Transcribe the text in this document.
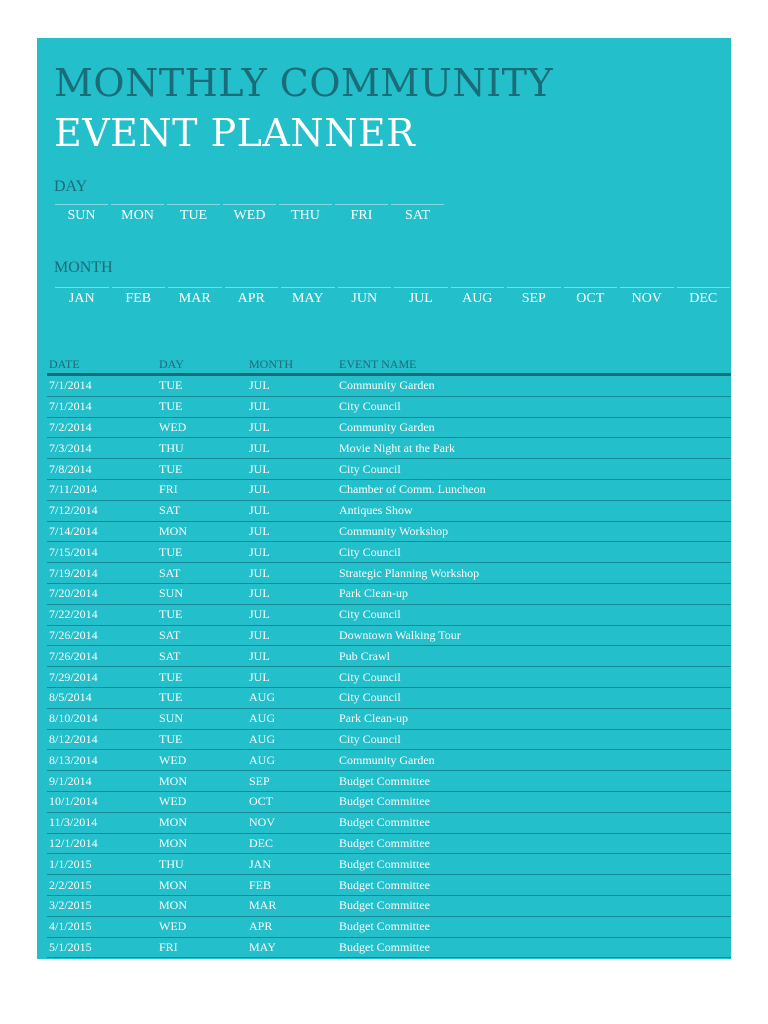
MONTHLY COMMUNITY
EVENT PLANNER
DAY
SUN	MON	TUE	WED	THU	FRI	SAT
MONTH
JAN	FEB	MAR	APR	MAY	JUN	JUL	AUG	SEP	OCT	NOV	DEC
DATE	DAY	MONTH	EVENT NAME
7/1/2014	TUE	JUL	Community Garden
7/1/2014	TUE	JUL	City Council
7/2/2014	WED	JUL	Community Garden
7/3/2014	THU	JUL	Movie Night at the Park
7/8/2014	TUE	JUL	City Council
7/11/2014	FRI	JUL	Chamber of Comm. Luncheon
7/12/2014	SAT	JUL	Antiques Show
7/14/2014	MON	JUL	Community Workshop
7/15/2014	TUE	JUL	City Council
7/19/2014	SAT	JUL	Strategic Planning Workshop
7/20/2014	SUN	JUL	Park Clean-up
7/22/2014	TUE	JUL	City Council
7/26/2014	SAT	JUL	Downtown Walking Tour
7/26/2014	SAT	JUL	Pub Crawl
7/29/2014	TUE	JUL	City Council
8/5/2014	TUE	AUG	City Council
8/10/2014	SUN	AUG	Park Clean-up
8/12/2014	TUE	AUG	City Council
8/13/2014	WED	AUG	Community Garden
9/1/2014	MON	SEP	Budget Committee
10/1/2014	WED	OCT	Budget Committee
11/3/2014	MON	NOV	Budget Committee
12/1/2014	MON	DEC	Budget Committee
1/1/2015	THU	JAN	Budget Committee
2/2/2015	MON	FEB	Budget Committee
3/2/2015	MON	MAR	Budget Committee
4/1/2015	WED	APR	Budget Committee
5/1/2015	FRI	MAY	Budget Committee
